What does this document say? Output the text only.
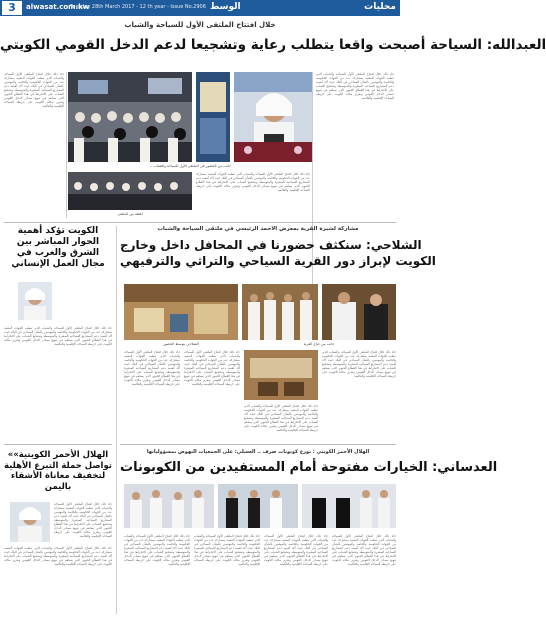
3	alwasat.com.kw
Tuesday 28th March 2017 - 12 th year - Issue No.2906 الوسط	محليات
خلال افتتاح الملتقى الأول للسياحة والشباب
العبدالله: السياحة أصبحت واقعا يتطلب رعاية وتشجيعا لدعم الدخل القومي الكويتي
جاء ذلك خلال افتتاح الملتقى الأول للسياحة والشباب الذي تنظمه الجهات المعنية بمشاركة عدد من الجهات الحكومية والخاصة والمهتمين بالشأن السياحي في البلاد حيث أكد أهمية دعم المشاريع السياحية الصغيرة والمتوسطة وتشجيع الشباب على الانخراط في هذا القطاع الحيوي الذي يساهم في تنويع مصادر الدخل القومي وتعزيز مكانة الكويت على خريطة السياحة الإقليمية والعالمية
... جانب من الحضور في الملتقى الأول للسياحة والشباب
جاء ذلك خلال افتتاح الملتقى الأول للسياحة والشباب الذي تنظمه الجهات المعنية بمشاركة عدد من الجهات الحكومية والخاصة والمهتمين بالشأن السياحي في البلاد حيث أكد أهمية دعم المشاريع السياحية الصغيرة والمتوسطة وتشجيع الشباب على الانخراط في هذا القطاع الحيوي الذي يساهم في تنويع مصادر الدخل القومي وتعزيز مكانة الكويت على خريطة السياحة الإقليمية والعالمية
لقطة من الملتقى
جاء ذلك خلال افتتاح الملتقى الأول للسياحة والشباب الذي تنظمه الجهات المعنية بمشاركة عدد من الجهات الحكومية والخاصة والمهتمين بالشأن السياحي في البلاد حيث أكد أهمية دعم المشاريع السياحية الصغيرة والمتوسطة وتشجيع الشباب على الانخراط في هذا القطاع الحيوي الذي يساهم في تنويع مصادر الدخل القومي وتعزيز مكانة الكويت على خريطة السياحة الإقليمية والعالمية
الكويت تؤكد أهمية الحوار المباشر بين الشرق والغرب في مجال العمل الإنساني
جاء ذلك خلال افتتاح الملتقى الأول للسياحة والشباب الذي تنظمه الجهات المعنية بمشاركة عدد من الجهات الحكومية والخاصة والمهتمين بالشأن السياحي في البلاد حيث أكد أهمية دعم المشاريع السياحية الصغيرة والمتوسطة وتشجيع الشباب على الانخراط في هذا القطاع الحيوي الذي يساهم في تنويع مصادر الدخل القومي وتعزيز مكانة الكويت على خريطة السياحة الإقليمية والعالمية
مشاركة لشبرة القرية بمعرض الاحمد الرئيسي في ملتقى السياحة والشباب
الشلاحي: سنكثف حضورنا في المحافل داخل وخارج
الكويت لإبراز دور القرية السياحي والتراثي والترفيهي
الشلاحي يتوسط الحضور	جانب من جناح القرية
جاء ذلك خلال افتتاح الملتقى الأول للسياحة والشباب الذي تنظمه الجهات المعنية بمشاركة عدد من الجهات الحكومية والخاصة والمهتمين بالشأن السياحي في البلاد حيث أكد أهمية دعم المشاريع السياحية الصغيرة والمتوسطة وتشجيع الشباب على الانخراط في هذا القطاع الحيوي الذي يساهم في تنويع مصادر الدخل القومي وتعزيز مكانة الكويت على خريطة السياحة الإقليمية والعالمية
جاء ذلك خلال افتتاح الملتقى الأول للسياحة والشباب الذي تنظمه الجهات المعنية بمشاركة عدد من الجهات الحكومية والخاصة والمهتمين بالشأن السياحي في البلاد حيث أكد أهمية دعم المشاريع السياحية الصغيرة والمتوسطة وتشجيع الشباب على الانخراط في هذا القطاع الحيوي الذي يساهم في تنويع مصادر الدخل القومي وتعزيز مكانة الكويت على خريطة السياحة الإقليمية والعالمية
جاء ذلك خلال افتتاح الملتقى الأول للسياحة والشباب الذي تنظمه الجهات المعنية بمشاركة عدد من الجهات الحكومية والخاصة والمهتمين بالشأن السياحي في البلاد حيث أكد أهمية دعم المشاريع السياحية الصغيرة والمتوسطة وتشجيع الشباب على الانخراط في هذا القطاع الحيوي الذي يساهم في تنويع مصادر الدخل القومي وتعزيز مكانة الكويت على خريطة السياحة الإقليمية والعالمية
جاء ذلك خلال افتتاح الملتقى الأول للسياحة والشباب الذي تنظمه الجهات المعنية بمشاركة عدد من الجهات الحكومية والخاصة والمهتمين بالشأن السياحي في البلاد حيث أكد أهمية دعم المشاريع السياحية الصغيرة والمتوسطة وتشجيع الشباب على الانخراط في هذا القطاع الحيوي الذي يساهم في تنويع مصادر الدخل القومي وتعزيز مكانة الكويت على خريطة السياحة الإقليمية والعالمية
الهلال الأحمر الكويتي : توزع كوبونات صرف .. العسلي: على الجمعيات النهوض بمسؤولياتها
العدساني: الخيارات مفتوحة أمام المستفيدين من الكوبونات
جاء ذلك خلال افتتاح الملتقى الأول للسياحة والشباب الذي تنظمه الجهات المعنية بمشاركة عدد من الجهات الحكومية والخاصة والمهتمين بالشأن السياحي في البلاد حيث أكد أهمية دعم المشاريع السياحية الصغيرة والمتوسطة وتشجيع الشباب على الانخراط في هذا القطاع الحيوي الذي يساهم في تنويع مصادر الدخل القومي وتعزيز مكانة الكويت على خريطة السياحة الإقليمية والعالمية
جاء ذلك خلال افتتاح الملتقى الأول للسياحة والشباب الذي تنظمه الجهات المعنية بمشاركة عدد من الجهات الحكومية والخاصة والمهتمين بالشأن السياحي في البلاد حيث أكد أهمية دعم المشاريع السياحية الصغيرة والمتوسطة وتشجيع الشباب على الانخراط في هذا القطاع الحيوي الذي يساهم في تنويع مصادر الدخل القومي وتعزيز مكانة الكويت على خريطة السياحة الإقليمية والعالمية
جاء ذلك خلال افتتاح الملتقى الأول للسياحة والشباب الذي تنظمه الجهات المعنية بمشاركة عدد من الجهات الحكومية والخاصة والمهتمين بالشأن السياحي في البلاد حيث أكد أهمية دعم المشاريع السياحية الصغيرة والمتوسطة وتشجيع الشباب على الانخراط في هذا القطاع الحيوي الذي يساهم في تنويع مصادر الدخل القومي وتعزيز مكانة الكويت على خريطة السياحة الإقليمية والعالمية
جاء ذلك خلال افتتاح الملتقى الأول للسياحة والشباب الذي تنظمه الجهات المعنية بمشاركة عدد من الجهات الحكومية والخاصة والمهتمين بالشأن السياحي في البلاد حيث أكد أهمية دعم المشاريع السياحية الصغيرة والمتوسطة وتشجيع الشباب على الانخراط في هذا القطاع الحيوي الذي يساهم في تنويع مصادر الدخل القومي وتعزيز مكانة الكويت على خريطة السياحة الإقليمية والعالمية
«الهلال الأحمر الكويتية» تواصل حملة التبرع الأهلية لتخفيف معاناة الأشقاء باليمن
جاء ذلك خلال افتتاح الملتقى الأول للسياحة والشباب الذي تنظمه الجهات المعنية بمشاركة عدد من الجهات الحكومية والخاصة والمهتمين بالشأن السياحي في البلاد حيث أكد أهمية دعم المشاريع السياحية الصغيرة والمتوسطة وتشجيع الشباب على الانخراط في هذا القطاع الحيوي الذي يساهم في تنويع مصادر الدخل القومي وتعزيز مكانة الكويت على خريطة السياحة الإقليمية والعالمية
جاء ذلك خلال افتتاح الملتقى الأول للسياحة والشباب الذي تنظمه الجهات المعنية بمشاركة عدد من الجهات الحكومية والخاصة والمهتمين بالشأن السياحي في البلاد حيث أكد أهمية دعم المشاريع السياحية الصغيرة والمتوسطة وتشجيع الشباب على الانخراط في هذا القطاع الحيوي الذي يساهم في تنويع مصادر الدخل القومي وتعزيز مكانة الكويت على خريطة السياحة الإقليمية والعالمية
